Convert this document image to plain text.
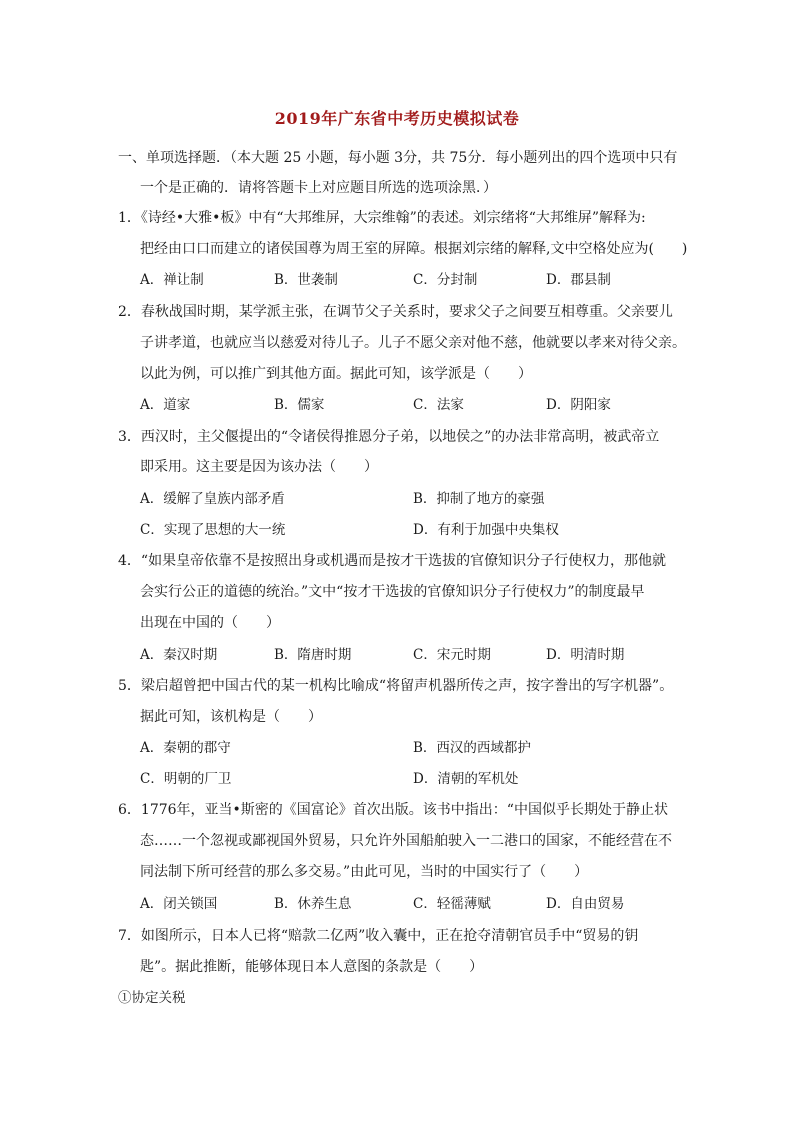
2019年广东省中考历史模拟试卷
一、单项选择题．（本大题 25 小题，每小题 3分，共 75分．每小题列出的四个选项中只有
一个是正确的．请将答题卡上对应题目所选的选项涂黑．）
1．《诗经•大雅•板》中有“大邦维屏，大宗维翰”的表述。刘宗绪将“大邦维屏”解释为:
把经由口口而建立的诸侯国尊为周王室的屏障。根据刘宗绪的解释,文中空格处应为(　　)
A．禅让制	B．世袭制	C．分封制	D．郡县制
2．春秋战国时期，某学派主张，在调节父子关系时，要求父子之间要互相尊重。父亲要儿
子讲孝道，也就应当以慈爱对待儿子。儿子不愿父亲对他不慈，他就要以孝来对待父亲。
以此为例，可以推广到其他方面。据此可知，该学派是（　　）
A．道家	B．儒家	C．法家	D．阴阳家
3．西汉时，主父偃提出的“令诸侯得推恩分子弟，以地侯之”的办法非常高明，被武帝立
即采用。这主要是因为该办法（　　）
A．缓解了皇族内部矛盾	B．抑制了地方的豪强
C．实现了思想的大一统	D．有利于加强中央集权
4．“如果皇帝依靠不是按照出身或机遇而是按才干选拔的官僚知识分子行使权力，那他就
会实行公正的道德的统治。”文中“按才干选拔的官僚知识分子行使权力”的制度最早
出现在中国的（　　）
A．秦汉时期	B．隋唐时期	C．宋元时期	D．明清时期
5．梁启超曾把中国古代的某一机构比喻成“将留声机器所传之声，按字誊出的写字机器”。
据此可知，该机构是（　　）
A．秦朝的郡守	B．西汉的西域都护
C．明朝的厂卫	D．清朝的军机处
6．1776年，亚当•斯密的《国富论》首次出版。该书中指出：“中国似乎长期处于静止状
态……一个忽视或鄙视国外贸易，只允许外国船舶驶入一二港口的国家，不能经营在不
同法制下所可经营的那么多交易。”由此可见，当时的中国实行了（　　）
A．闭关锁国	B．休养生息	C．轻徭薄赋	D．自由贸易
7．如图所示，日本人已将“赔款二亿两”收入囊中，正在抢夺清朝官员手中“贸易的钥
匙”。据此推断，能够体现日本人意图的条款是（　　）
①协定关税
